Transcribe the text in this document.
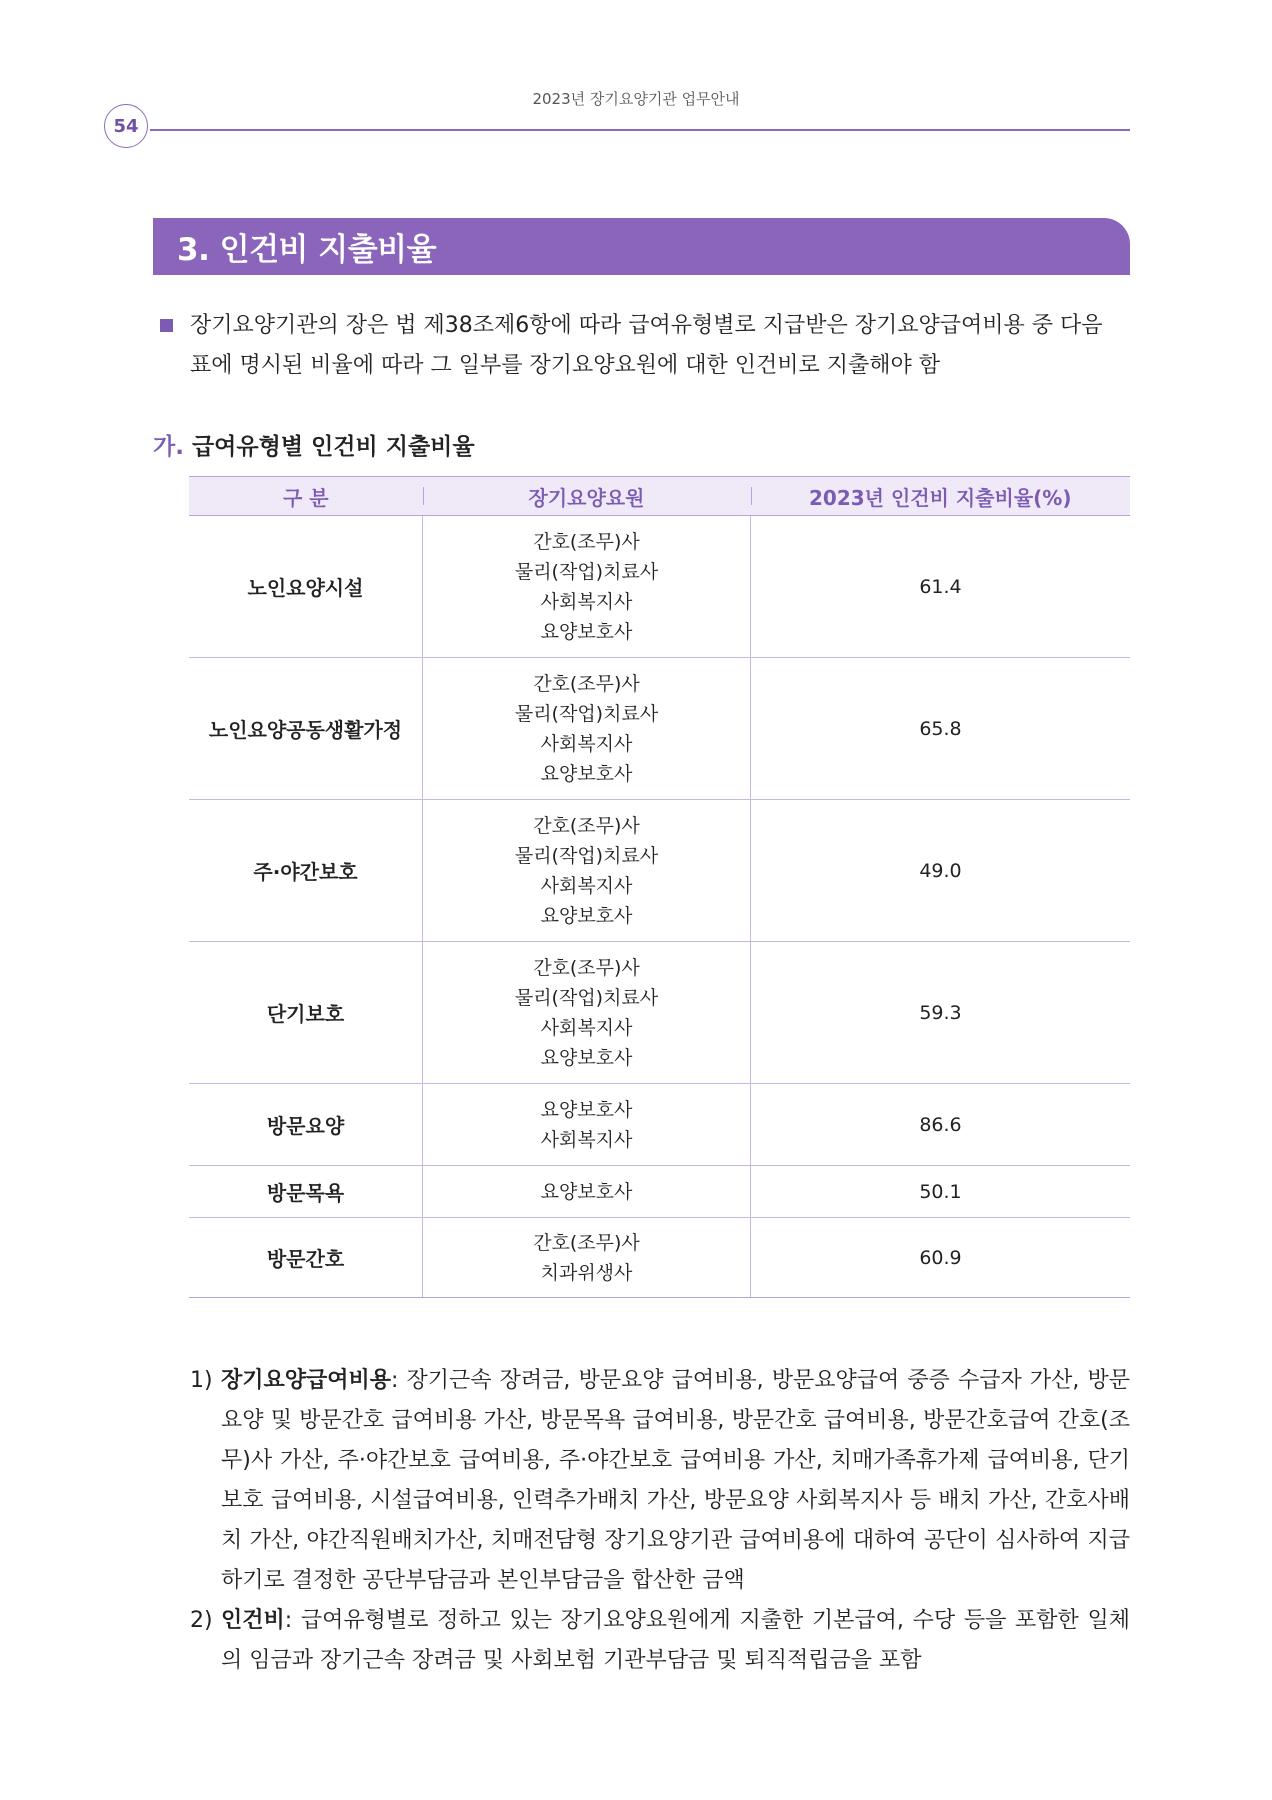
2023년 장기요양기관 업무안내
54
3. 인건비 지출비율
장기요양기관의 장은 법 제38조제6항에 따라 급여유형별로 지급받은 장기요양급여비용 중 다음 표에 명시된 비율에 따라 그 일부를 장기요양요원에 대한 인건비로 지출해야 함
가. 급여유형별 인건비 지출비율
구 분	장기요양요원	2023년 인건비 지출비율(%)
노인요양시설	간호(조무)사
물리(작업)치료사
사회복지사
요양보호사	61.4
노인요양공동생활가정	간호(조무)사
물리(작업)치료사
사회복지사
요양보호사	65.8
주·야간보호	간호(조무)사
물리(작업)치료사
사회복지사
요양보호사	49.0
단기보호	간호(조무)사
물리(작업)치료사
사회복지사
요양보호사	59.3
방문요양	요양보호사
사회복지사	86.6
방문목욕	요양보호사	50.1
방문간호	간호(조무)사
치과위생사	60.9
1) 장기요양급여비용: 장기근속 장려금, 방문요양 급여비용, 방문요양급여 중증 수급자 가산, 방문요양 및 방문간호 급여비용 가산, 방문목욕 급여비용, 방문간호 급여비용, 방문간호급여 간호(조무)사 가산, 주·야간보호 급여비용, 주·야간보호 급여비용 가산, 치매가족휴가제 급여비용, 단기보호 급여비용, 시설급여비용, 인력추가배치 가산, 방문요양 사회복지사 등 배치 가산, 간호사배치 가산, 야간직원배치가산, 치매전담형 장기요양기관 급여비용에 대하여 공단이 심사하여 지급하기로 결정한 공단부담금과 본인부담금을 합산한 금액
2) 인건비: 급여유형별로 정하고 있는 장기요양요원에게 지출한 기본급여, 수당 등을 포함한 일체의 임금과 장기근속 장려금 및 사회보험 기관부담금 및 퇴직적립금을 포함
